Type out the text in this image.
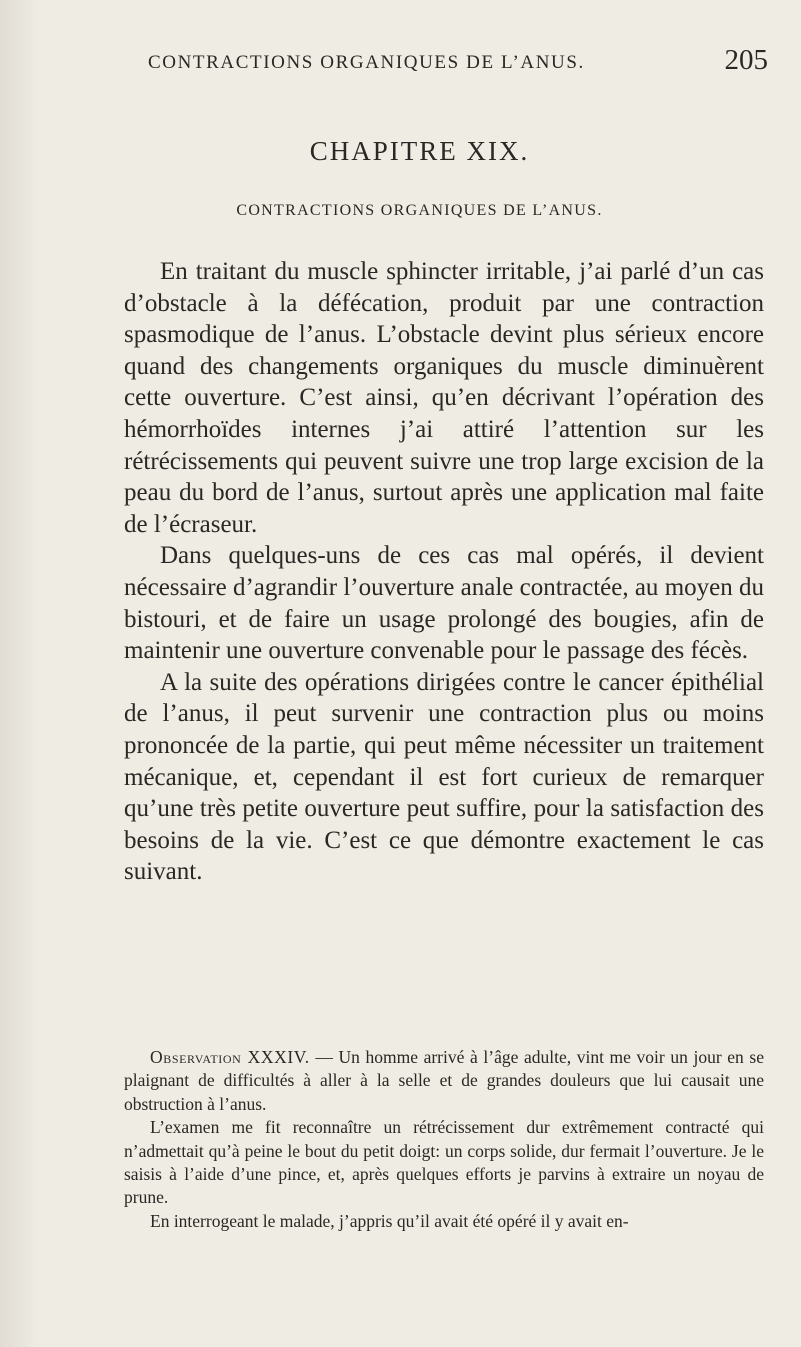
CONTRACTIONS ORGANIQUES DE L’ANUS.	205
CHAPITRE XIX.
CONTRACTIONS ORGANIQUES DE L’ANUS.

En traitant du muscle sphincter irritable, j’ai parlé d’un cas d’obstacle à la défécation, produit par une contraction spasmodique de l’anus. L’obstacle devint plus sérieux encore quand des changements organiques du muscle diminuèrent cette ouverture. C’est ainsi, qu’en décrivant l’opération des hémorrhoïdes internes j’ai attiré l’attention sur les rétrécissements qui peuvent suivre une trop large excision de la peau du bord de l’anus, surtout après une application mal faite de l’écraseur.

Dans quelques-uns de ces cas mal opérés, il devient nécessaire d’agrandir l’ouverture anale contractée, au moyen du bistouri, et de faire un usage prolongé des bougies, afin de maintenir une ouverture convenable pour le passage des fécès.

A la suite des opérations dirigées contre le cancer épithélial de l’anus, il peut survenir une contraction plus ou moins prononcée de la partie, qui peut même nécessiter un traitement mécanique, et, cependant il est fort curieux de remarquer qu’une très petite ouverture peut suffire, pour la satisfaction des besoins de la vie. C’est ce que démontre exactement le cas suivant.

Observation XXXIV. — Un homme arrivé à l’âge adulte, vint me voir un jour en se plaignant de difficultés à aller à la selle et de grandes douleurs que lui causait une obstruction à l’anus.

L’examen me fit reconnaître un rétrécissement dur extrêmement contracté qui n’admettait qu’à peine le bout du petit doigt: un corps solide, dur fermait l’ouverture. Je le saisis à l’aide d’une pince, et, après quelques efforts je parvins à extraire un noyau de prune.

En interrogeant le malade, j’appris qu’il avait été opéré il y avait en-
